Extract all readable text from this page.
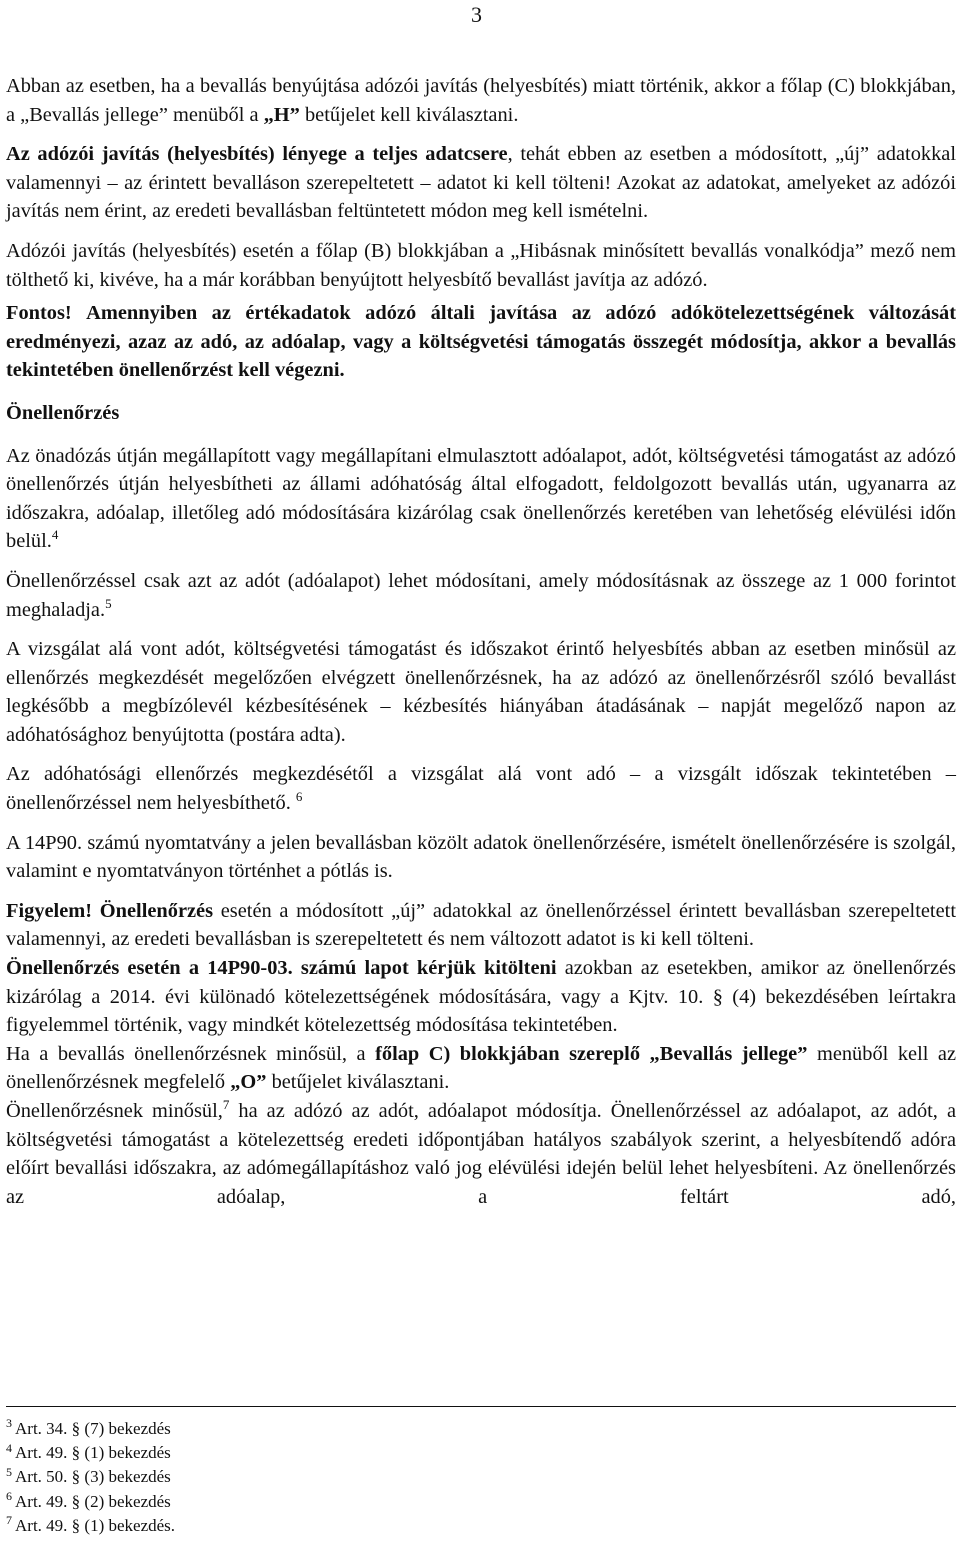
3

Abban az esetben, ha a bevallás benyújtása adózói javítás (helyesbítés) miatt történik, akkor a főlap (C) blokkjában, a „Bevallás jellege” menüből a „H” betűjelet kell kiválasztani.

Az adózói javítás (helyesbítés) lényege a teljes adatcsere, tehát ebben az esetben a módosított, „új” adatokkal valamennyi – az érintett bevalláson szerepeltetett – adatot ki kell tölteni! Azokat az adatokat, amelyeket az adózói javítás nem érint, az eredeti bevallásban feltüntetett módon meg kell ismételni.

Adózói javítás (helyesbítés) esetén a főlap (B) blokkjában a „Hibásnak minősített bevallás vonalkódja” mező nem tölthető ki, kivéve, ha a már korábban benyújtott helyesbítő bevallást javítja az adózó.

Fontos! Amennyiben az értékadatok adózó általi javítása az adózó adókötelezettségének változását eredményezi, azaz az adó, az adóalap, vagy a költségvetési támogatás összegét módosítja, akkor a bevallás tekintetében önellenőrzést kell végezni.

Önellenőrzés

Az önadózás útján megállapított vagy megállapítani elmulasztott adóalapot, adót, költségvetési támogatást az adózó önellenőrzés útján helyesbítheti az állami adóhatóság által elfogadott, feldolgozott bevallás után, ugyanarra az időszakra, adóalap, illetőleg adó módosítására kizárólag csak önellenőrzés keretében van lehetőség elévülési időn belül.$^4$

Önellenőrzéssel csak azt az adót (adóalapot) lehet módosítani, amely módosításnak az összege az 1 000 forintot meghaladja.$^5$

A vizsgálat alá vont adót, költségvetési támogatást és időszakot érintő helyesbítés abban az esetben minősül az ellenőrzés megkezdését megelőzően elvégzett önellenőrzésnek, ha az adózó az önellenőrzésről szóló bevallást legkésőbb a megbízólevél kézbesítésének – kézbesítés hiányában átadásának – napját megelőző napon az adóhatósághoz benyújtotta (postára adta).

Az adóhatósági ellenőrzés megkezdésétől a vizsgálat alá vont adó – a vizsgált időszak tekintetében – önellenőrzéssel nem helyesbíthető. $^6$

A 14P90. számú nyomtatvány a jelen bevallásban közölt adatok önellenőrzésére, ismételt önellenőrzésére is szolgál, valamint e nyomtatványon történhet a pótlás is.

Figyelem! Önellenőrzés esetén a módosított „új” adatokkal az önellenőrzéssel érintett bevallásban szerepeltetett valamennyi, az eredeti bevallásban is szerepeltetett és nem változott adatot is ki kell tölteni.

Önellenőrzés esetén a 14P90-03. számú lapot kérjük kitölteni azokban az esetekben, amikor az önellenőrzés kizárólag a 2014. évi különadó kötelezettségének módosítására, vagy a Kjtv. 10. § (4) bekezdésében leírtakra figyelemmel történik, vagy mindkét kötelezettség módosítása tekintetében.

Ha a bevallás önellenőrzésnek minősül, a főlap C) blokkjában szereplő „Bevallás jellege” menüből kell az önellenőrzésnek megfelelő „O” betűjelet kiválasztani.

Önellenőrzésnek minősül,$^7$ ha az adózó az adót, adóalapot módosítja. Önellenőrzéssel az adóalapot, az adót, a költségvetési támogatást a kötelezettség eredeti időpontjában hatályos szabályok szerint, a helyesbítendő adóra előírt bevallási időszakra, az adómegállapításhoz való jog elévülési idején belül lehet helyesbíteni. Az önellenőrzés az adóalap, a feltárt adó,

$^3$ Art. 34. § (7) bekezdés
$^4$ Art. 49. § (1) bekezdés
$^5$ Art. 50. § (3) bekezdés
$^6$ Art. 49. § (2) bekezdés
$^7$ Art. 49. § (1) bekezdés.
